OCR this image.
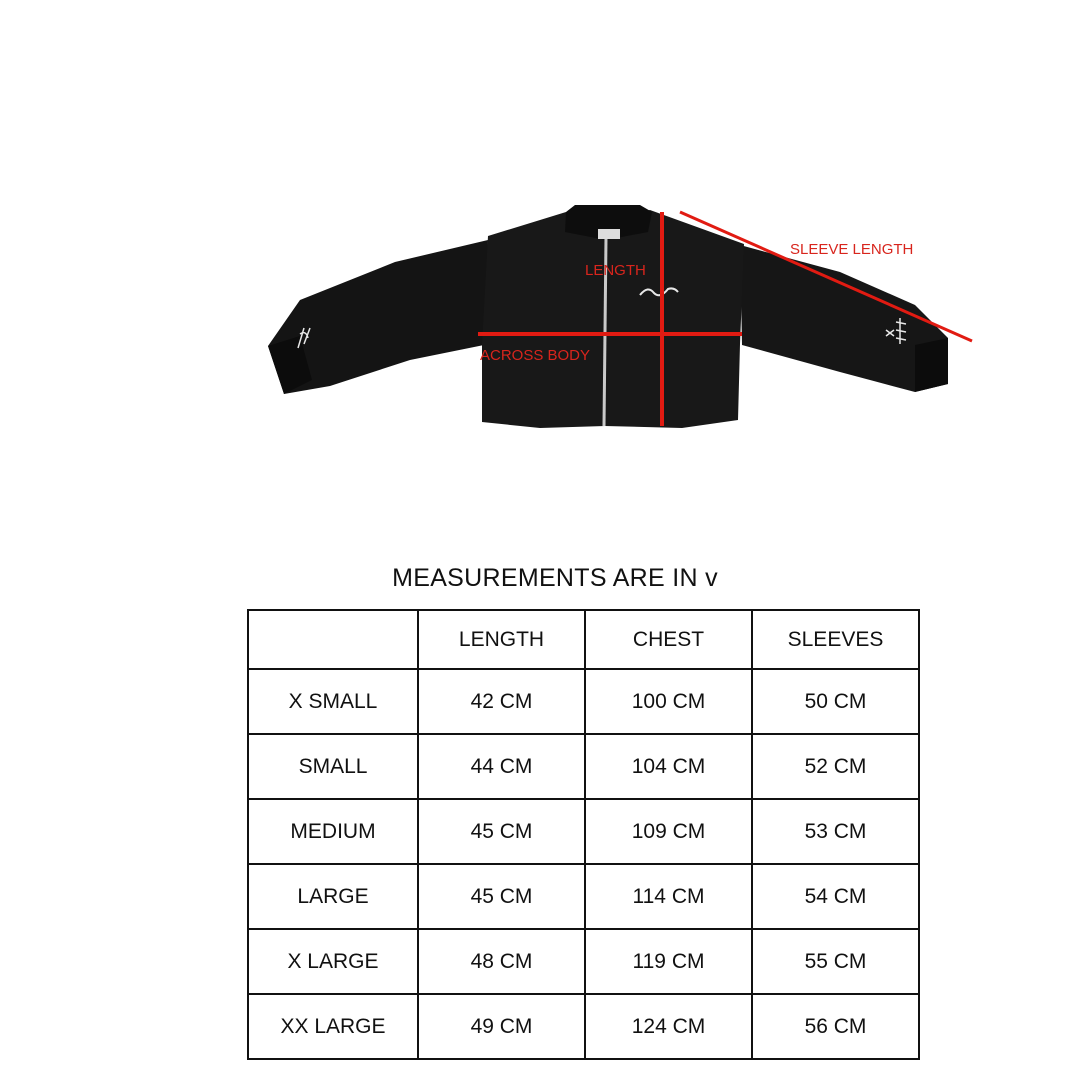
LENGTH
SLEEVE LENGTH
ACROSS BODY
MEASUREMENTS ARE IN v

	LENGTH	CHEST	SLEEVES

X SMALL	42 CM	100 CM	50 CM

SMALL	44 CM	104 CM	52 CM

MEDIUM	45 CM	109 CM	53 CM

LARGE	45 CM	114 CM	54 CM

X LARGE	48 CM	119 CM	55 CM

XX LARGE	49 CM	124 CM	56 CM
